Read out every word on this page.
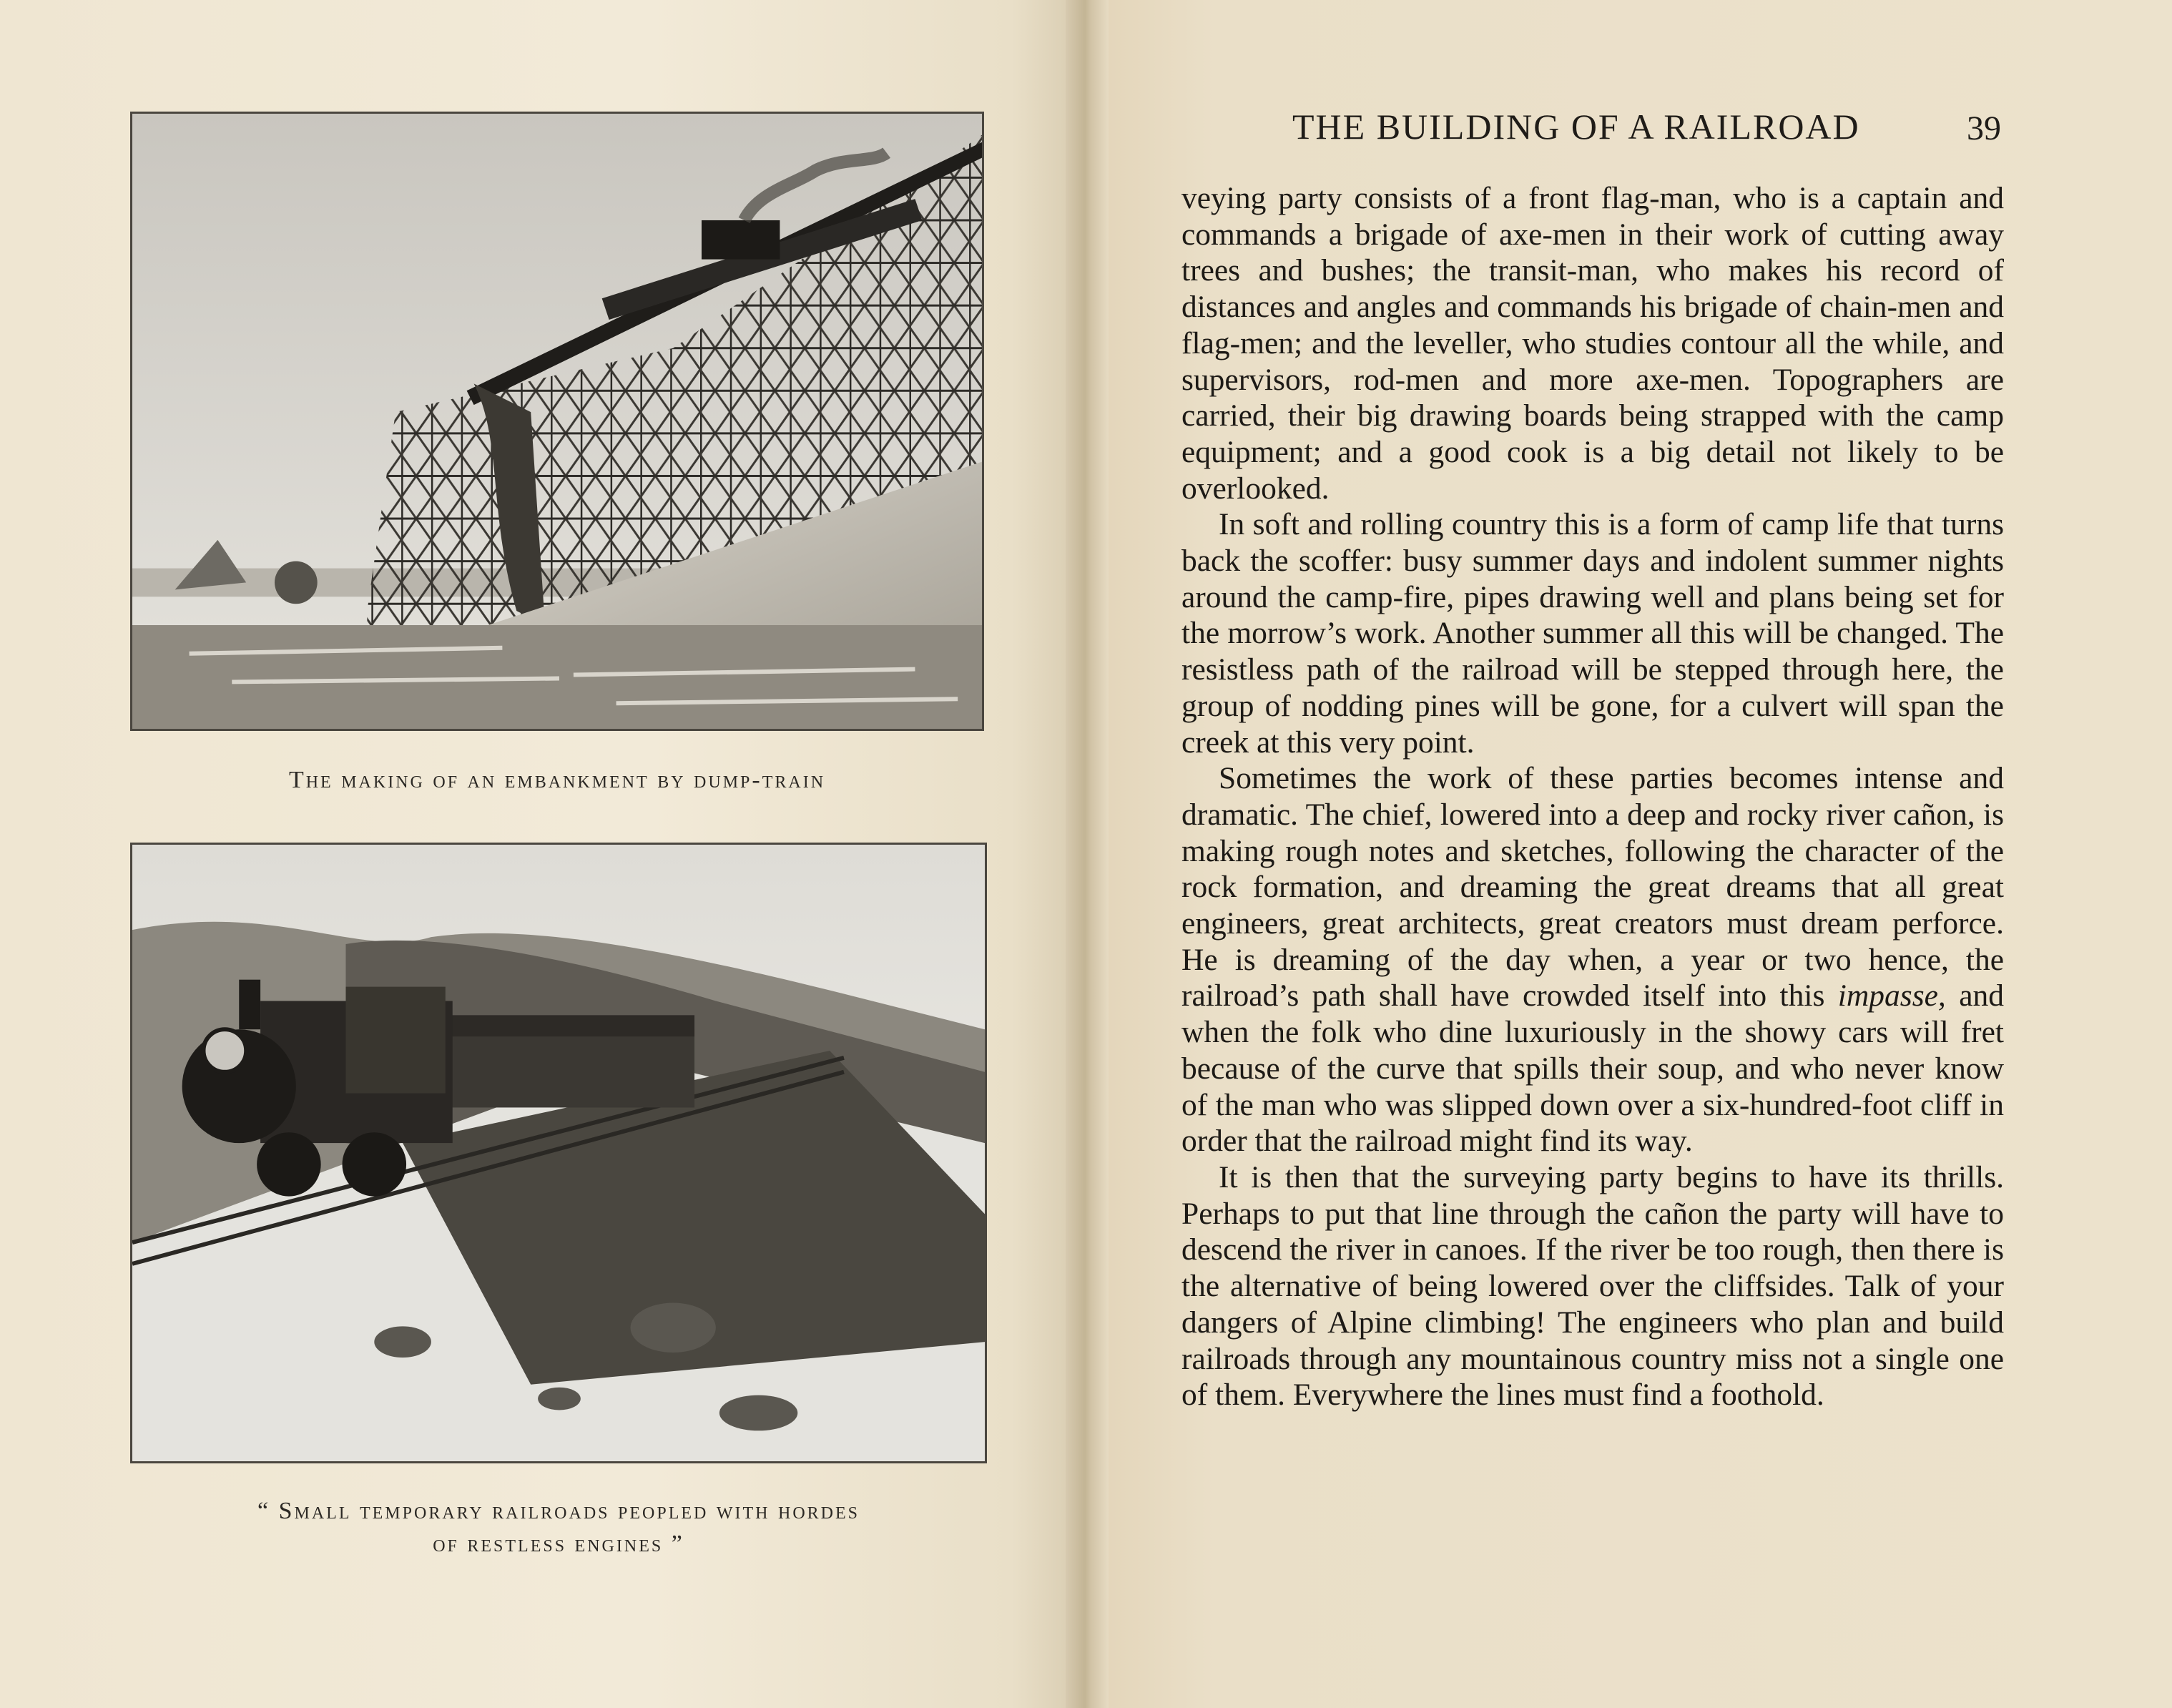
The making of an embankment by dump-train
“ Small temporary railroads peopled with hordes
of restless engines ”
THE BUILDING OF A RAILROAD	39

veying party consists of a front flag-man, who is a captain and commands a brigade of axe-men in their work of cutting away trees and bushes; the transit-man, who makes his record of distances and angles and commands his brigade of chain-men and flag-men; and the leveller, who studies contour all the while, and supervisors, rod-men and more axe-men. Topographers are carried, their big drawing boards being strapped with the camp equipment; and a good cook is a big detail not likely to be overlooked.

In soft and rolling country this is a form of camp life that turns back the scoffer: busy summer days and indolent summer nights around the camp-fire, pipes drawing well and plans being set for the morrow’s work. Another summer all this will be changed. The resistless path of the railroad will be stepped through here, the group of nodding pines will be gone, for a culvert will span the creek at this very point.

Sometimes the work of these parties becomes intense and dramatic. The chief, lowered into a deep and rocky river cañon, is making rough notes and sketches, following the character of the rock formation, and dreaming the great dreams that all great engineers, great architects, great creators must dream perforce. He is dreaming of the day when, a year or two hence, the railroad’s path shall have crowded itself into this impasse, and when the folk who dine luxuriously in the showy cars will fret because of the curve that spills their soup, and who never know of the man who was slipped down over a six-hundred-foot cliff in order that the railroad might find its way.

It is then that the surveying party begins to have its thrills. Perhaps to put that line through the cañon the party will have to descend the river in canoes. If the river be too rough, then there is the alternative of being lowered over the cliffsides. Talk of your dangers of Alpine climbing! The engineers who plan and build railroads through any mountainous country miss not a single one of them. Everywhere the lines must find a foothold.
